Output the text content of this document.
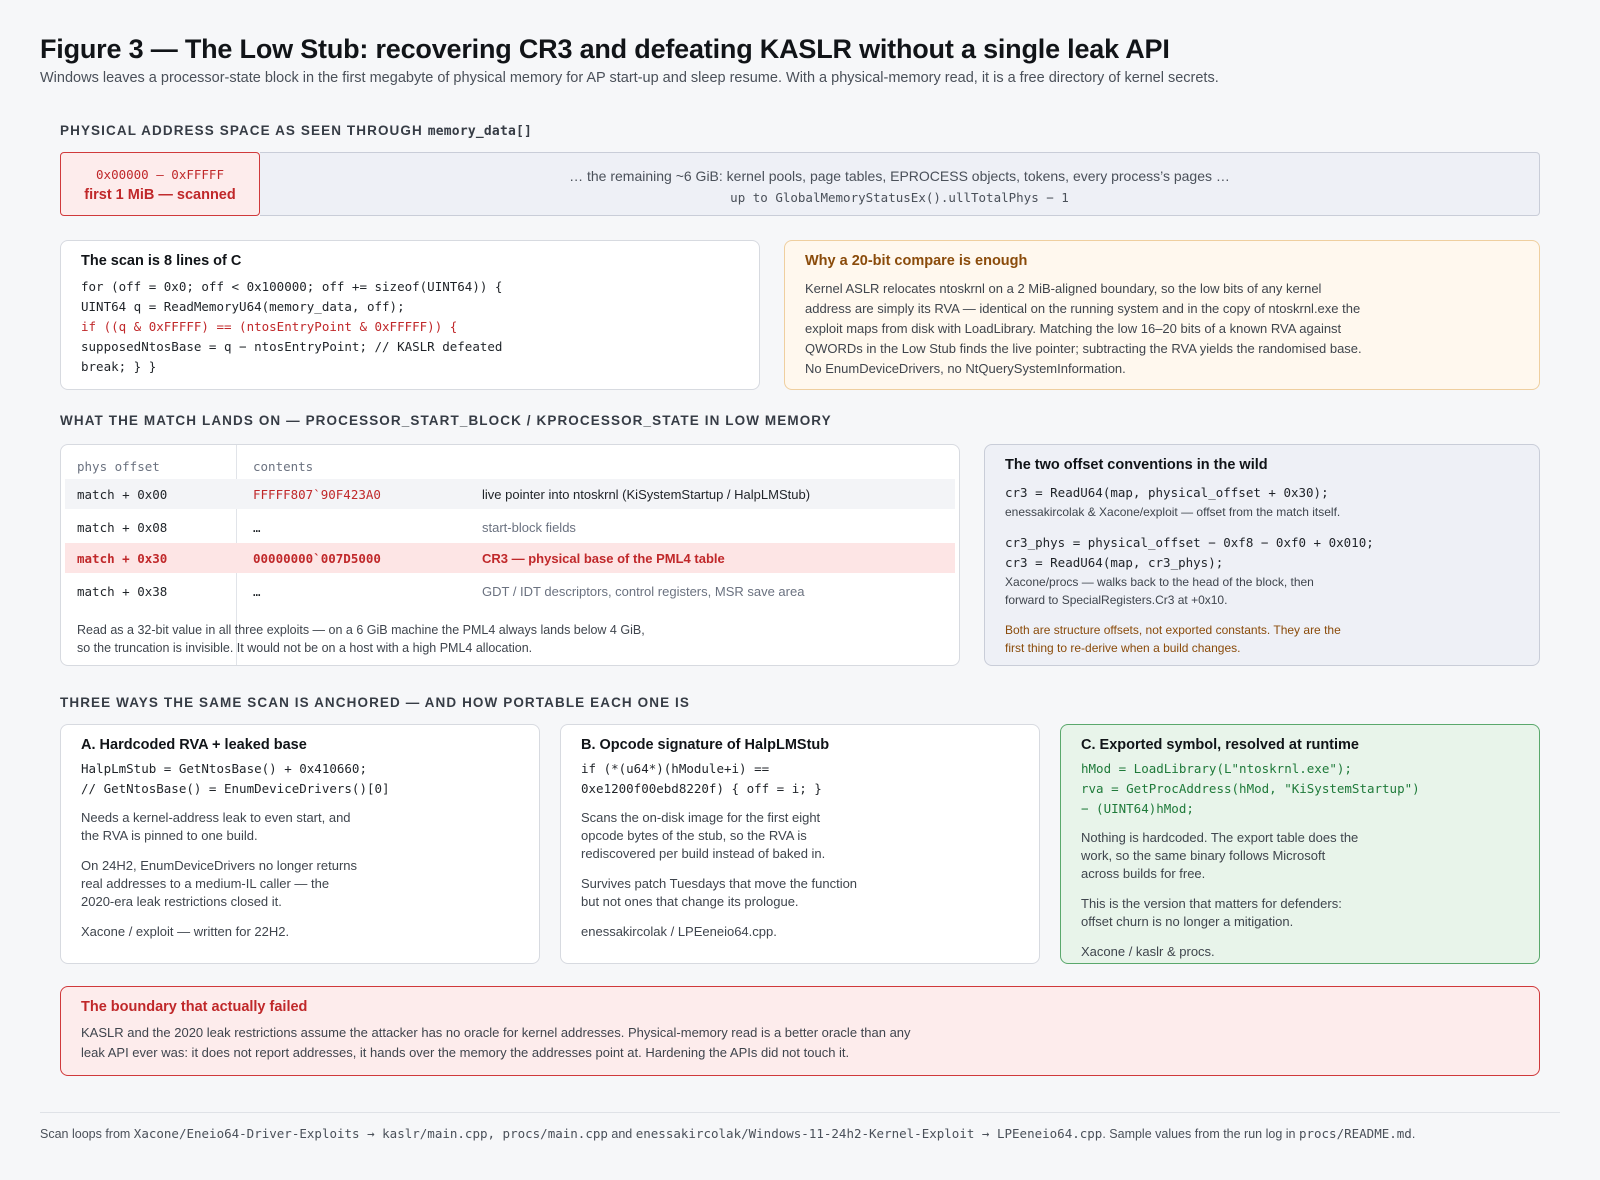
Figure 3 — The Low Stub: recovering CR3 and defeating KASLR without a single leak API
Windows leaves a processor-state block in the first megabyte of physical memory for AP start-up and sleep resume. With a physical-memory read, it is a free directory of kernel secrets.
PHYSICAL ADDRESS SPACE AS SEEN THROUGH memory_data[]
0x00000 – 0xFFFFF
first 1 MiB — scanned
… the remaining ~6 GiB: kernel pools, page tables, EPROCESS objects, tokens, every process’s pages …
up to GlobalMemoryStatusEx().ullTotalPhys − 1
The scan is 8 lines of C
for (off = 0x0; off < 0x100000; off += sizeof(UINT64)) {
UINT64 q = ReadMemoryU64(memory_data, off);
if ((q & 0xFFFFF) == (ntosEntryPoint & 0xFFFFF)) {
supposedNtosBase = q − ntosEntryPoint; // KASLR defeated
break; } }
Why a 20-bit compare is enough
Kernel ASLR relocates ntoskrnl on a 2 MiB-aligned boundary, so the low bits of any kernel address are simply its RVA — identical on the running system and in the copy of ntoskrnl.exe the exploit maps from disk with LoadLibrary. Matching the low 16–20 bits of a known RVA against QWORDs in the Low Stub finds the live pointer; subtracting the RVA yields the randomised base. No EnumDeviceDrivers, no NtQuerySystemInformation.
WHAT THE MATCH LANDS ON — PROCESSOR_START_BLOCK / KPROCESSOR_STATE IN LOW MEMORY
phys offset	contents
match + 0x00	FFFFF807`90F423A0	live pointer into ntoskrnl (KiSystemStartup / HalpLMStub)
match + 0x08	…	start-block fields
match + 0x30	00000000`007D5000	CR3 — physical base of the PML4 table
match + 0x38	…	GDT / IDT descriptors, control registers, MSR save area
Read as a 32-bit value in all three exploits — on a 6 GiB machine the PML4 always lands below 4 GiB,
so the truncation is invisible. It would not be on a host with a high PML4 allocation.
The two offset conventions in the wild
cr3 = ReadU64(map, physical_offset + 0x30);
enessakircolak & Xacone/exploit — offset from the match itself.
cr3_phys = physical_offset − 0xf8 − 0xf0 + 0x010;
cr3 = ReadU64(map, cr3_phys);
Xacone/procs — walks back to the head of the block, then
forward to SpecialRegisters.Cr3 at +0x10.
Both are structure offsets, not exported constants. They are the
first thing to re-derive when a build changes.
THREE WAYS THE SAME SCAN IS ANCHORED — AND HOW PORTABLE EACH ONE IS
A. Hardcoded RVA + leaked base
HalpLmStub = GetNtosBase() + 0x410660;
// GetNtosBase() = EnumDeviceDrivers()[0]
Needs a kernel-address leak to even start, and
the RVA is pinned to one build.
On 24H2, EnumDeviceDrivers no longer returns
real addresses to a medium-IL caller — the
2020-era leak restrictions closed it.
Xacone / exploit — written for 22H2.
B. Opcode signature of HalpLMStub
if (*(u64*)(hModule+i) ==
0xe1200f00ebd8220f) { off = i; }
Scans the on-disk image for the first eight
opcode bytes of the stub, so the RVA is
rediscovered per build instead of baked in.
Survives patch Tuesdays that move the function
but not ones that change its prologue.
enessakircolak / LPEeneio64.cpp.
C. Exported symbol, resolved at runtime
hMod = LoadLibrary(L"ntoskrnl.exe");
rva = GetProcAddress(hMod, "KiSystemStartup")
− (UINT64)hMod;
Nothing is hardcoded. The export table does the
work, so the same binary follows Microsoft
across builds for free.
This is the version that matters for defenders:
offset churn is no longer a mitigation.
Xacone / kaslr & procs.
The boundary that actually failed
KASLR and the 2020 leak restrictions assume the attacker has no oracle for kernel addresses. Physical-memory read is a better oracle than any leak API ever was: it does not report addresses, it hands over the memory the addresses point at. Hardening the APIs did not touch it.
Scan loops from Xacone/Eneio64-Driver-Exploits → kaslr/main.cpp, procs/main.cpp and enessakircolak/Windows-11-24h2-Kernel-Exploit → LPEeneio64.cpp. Sample values from the run log in procs/README.md.
